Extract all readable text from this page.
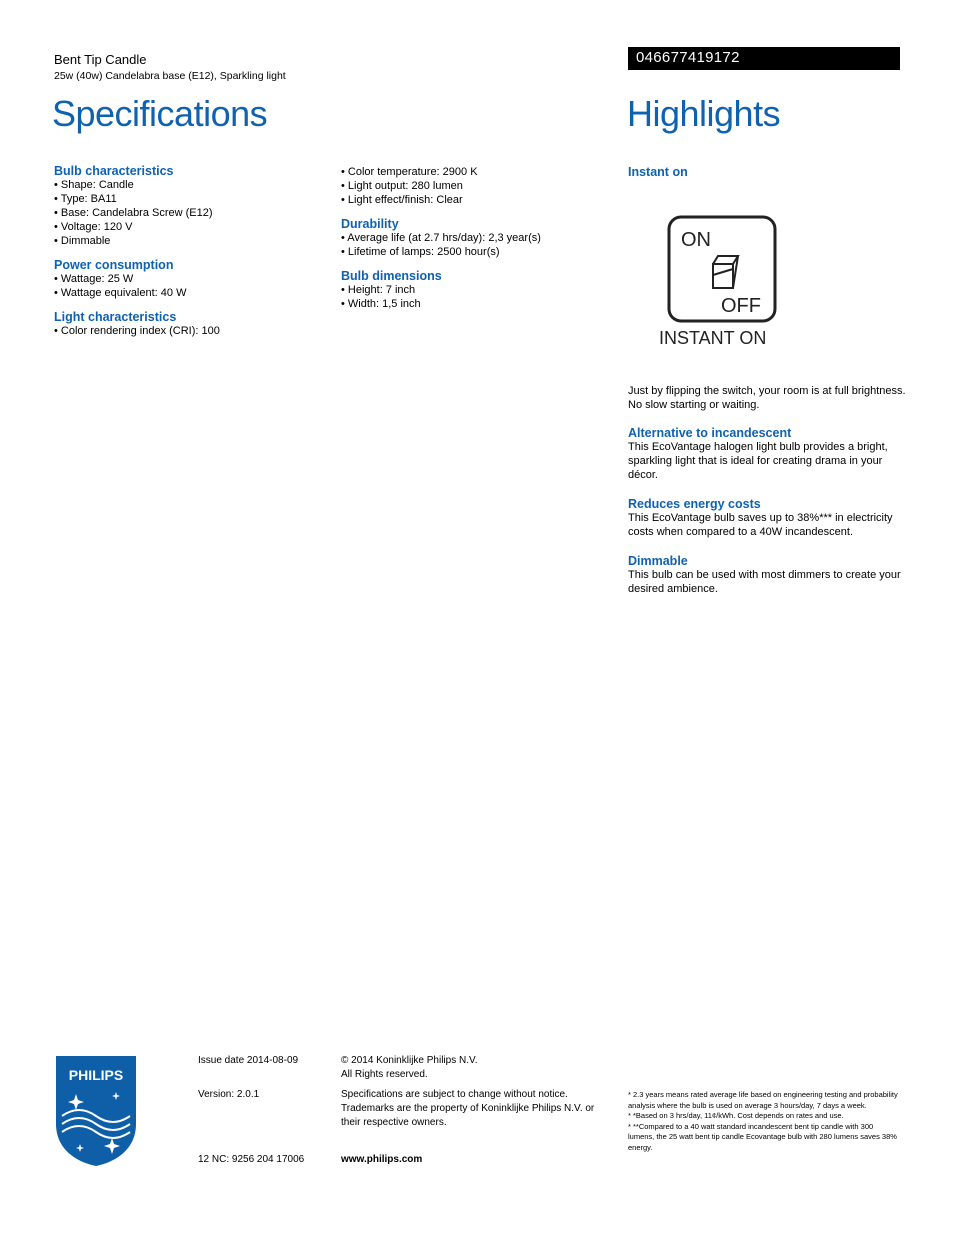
Bent Tip Candle
25w (40w) Candelabra base (E12), Sparkling light
046677419172
Specifications	Highlights
Bulb characteristics
• Shape: Candle
• Type: BA11
• Base: Candelabra Screw (E12)
• Voltage: 120 V
• Dimmable
Power consumption
• Wattage: 25 W
• Wattage equivalent: 40 W
Light characteristics
• Color rendering index (CRI): 100
• Color temperature: 2900 K
• Light output: 280 lumen
• Light effect/finish: Clear
Durability
• Average life (at 2.7 hrs/day): 2,3 year(s)
• Lifetime of lamps: 2500 hour(s)
Bulb dimensions
• Height: 7 inch
• Width: 1,5 inch
Instant on
ON
OFF
INSTANT ON
Just by flipping the switch, your room is at full brightness. No slow starting or waiting.
Alternative to incandescent
This EcoVantage halogen light bulb provides a bright, sparkling light that is ideal for creating drama in your décor.
Reduces energy costs
This EcoVantage bulb saves up to 38%*** in electricity costs when compared to a 40W incandescent.
Dimmable
This bulb can be used with most dimmers to create your desired ambience.
PHILIPS
Issue date 2014-08-09
Version: 2.0.1
12 NC: 9256 204 17006
© 2014 Koninklijke Philips N.V.
All Rights reserved.
Specifications are subject to change without notice. Trademarks are the property of Koninklijke Philips N.V. or their respective owners.
www.philips.com
* 2.3 years means rated average life based on engineering testing and probability analysis where the bulb is used on average 3 hours/day, 7 days a week.
* *Based on 3 hrs/day, 11¢/kWh. Cost depends on rates and use.
* **Compared to a 40 watt standard incandescent bent tip candle with 300 lumens, the 25 watt bent tip candle Ecovantage bulb with 280 lumens saves 38% energy.
